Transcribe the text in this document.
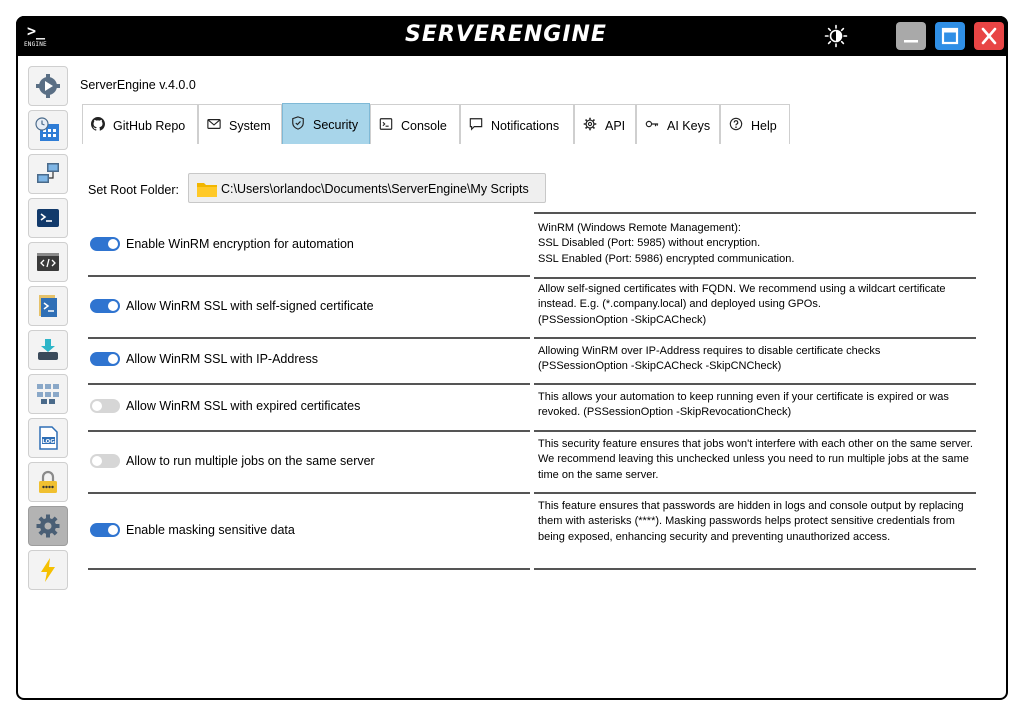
>_
ENGINE	SERVERENGINE
LOG
ServerEngine v.4.0.0
GitHub Repo	System	Security	Console	Notifications	API	AI Keys	Help
Set Root Folder:	C:\Users\orlandoc\Documents\ServerEngine\My Scripts
Enable WinRM encryption for automation
WinRM (Windows Remote Management):
SSL Disabled (Port: 5985) without encryption.
SSL Enabled (Port: 5986) encrypted communication.
Allow WinRM SSL with self-signed certificate
Allow self-signed certificates with FQDN. We recommend using a wildcart certificate instead. E.g. (*.company.local) and deployed using GPOs.
(PSSessionOption -SkipCACheck)
Allow WinRM SSL with IP-Address
Allowing WinRM over IP-Address requires to disable certificate checks
(PSSessionOption -SkipCACheck -SkipCNCheck)
Allow WinRM SSL with expired certificates
This allows your automation to keep running even if your certificate is expired or was revoked. (PSSessionOption -SkipRevocationCheck)
Allow to run multiple jobs on the same server
This security feature ensures that jobs won't interfere with each other on the same server. We recommend leaving this unchecked unless you need to run multiple jobs at the same time on the same server.
Enable masking sensitive data
This feature ensures that passwords are hidden in logs and console output by replacing them with asterisks (****). Masking passwords helps protect sensitive credentials from being exposed, enhancing security and preventing unauthorized access.
